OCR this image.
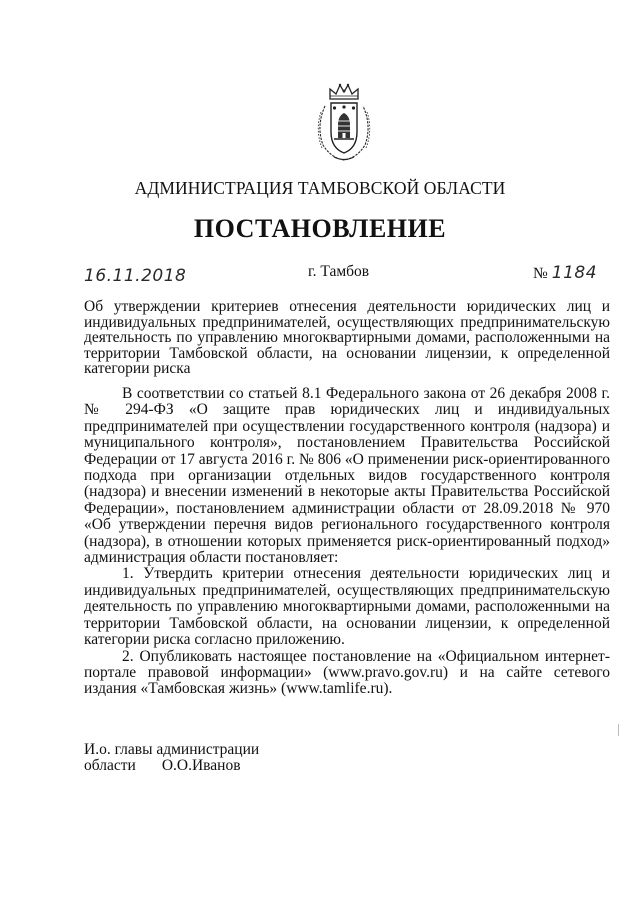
АДМИНИСТРАЦИЯ ТАМБОВСКОЙ ОБЛАСТИ
ПОСТАНОВЛЕНИЕ
16.11.2018	г. Тамбов	№ 1184
Об утверждении критериев отнесения деятельности юридических лиц и индивидуальных предпринимателей, осуществляющих предпринимательскую деятельность по управлению многоквартирными домами, расположенными на территории Тамбовской области, на основании лицензии, к определенной категории риска

В соответствии со статьей 8.1 Федерального закона от 26 декабря 2008 г. № 294-ФЗ «О защите прав юридических лиц и индивидуальных предпринимателей при осуществлении государственного контроля (надзора) и муниципального контроля», постановлением Правительства Российской Федерации от 17 августа 2016 г. № 806 «О применении риск-ориентированного подхода при организации отдельных видов государственного контроля (надзора) и внесении изменений в некоторые акты Правительства Российской Федерации», постановлением администрации области от 28.09.2018 № 970 «Об утверждении перечня видов регионального государственного контроля (надзора), в отношении которых применяется риск-ориентированный подход» администрация области постановляет:

1. Утвердить критерии отнесения деятельности юридических лиц и индивидуальных предпринимателей, осуществляющих предпринимательскую деятельность по управлению многоквартирными домами, расположенными на территории Тамбовской области, на основании лицензии, к определенной категории риска согласно приложению.

2. Опубликовать настоящее постановление на «Официальном интернет-портале правовой информации» (www.pravo.gov.ru) и на сайте сетевого издания «Тамбовская жизнь» (www.tamlife.ru).

И.о. главы администрации
области О.О.Иванов
